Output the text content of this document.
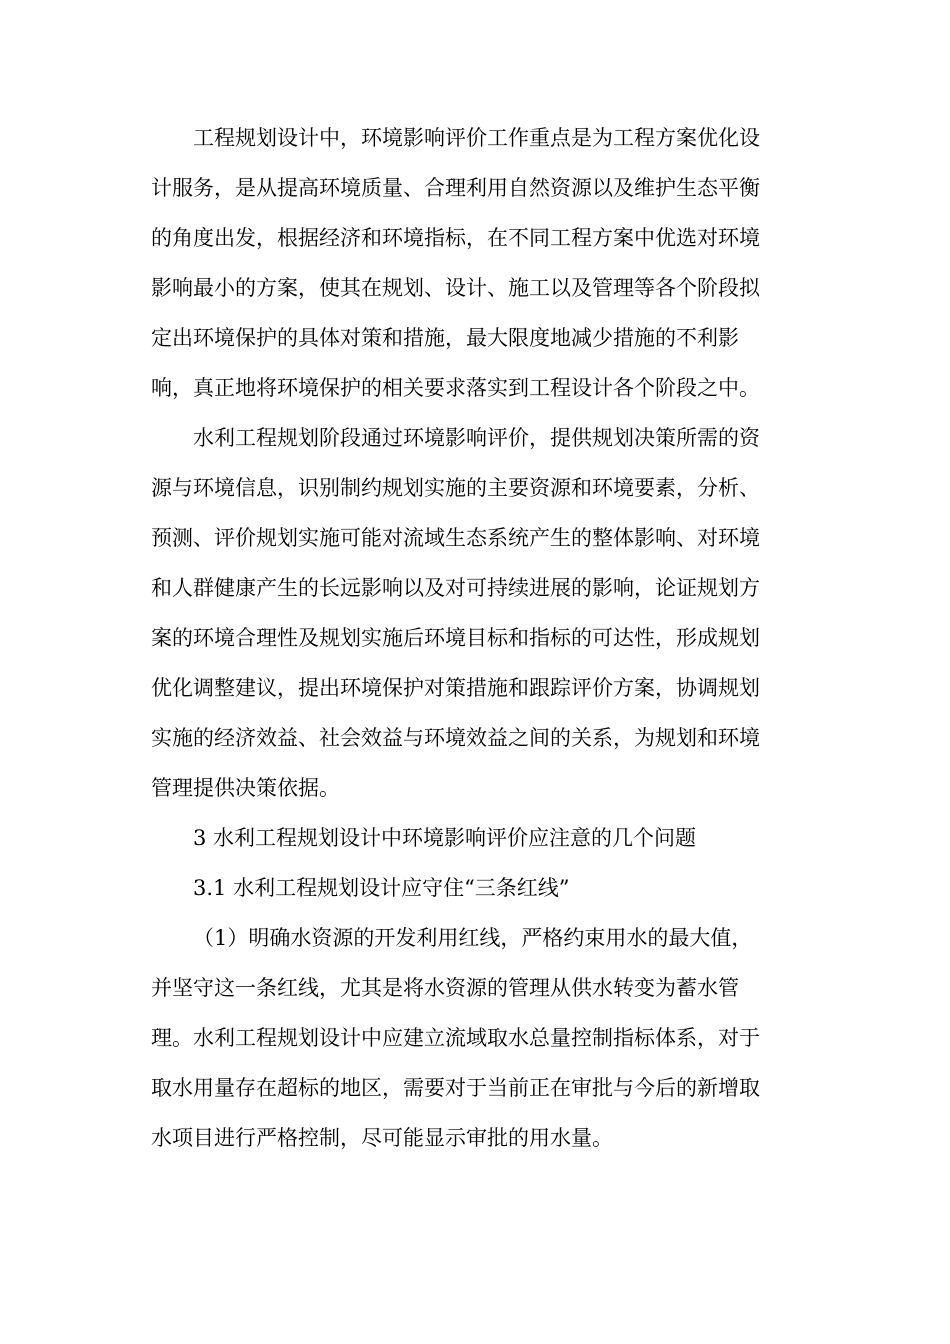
工程规划设计中，环境影响评价工作重点是为工程方案优化设
计服务，是从提高环境质量、合理利用自然资源以及维护生态平衡
的角度出发，根据经济和环境指标，在不同工程方案中优选对环境
影响最小的方案，使其在规划、设计、施工以及管理等各个阶段拟
定出环境保护的具体对策和措施，最大限度地减少措施的不利影
响，真正地将环境保护的相关要求落实到工程设计各个阶段之中。
水利工程规划阶段通过环境影响评价，提供规划决策所需的资
源与环境信息，识别制约规划实施的主要资源和环境要素，分析、
预测、评价规划实施可能对流域生态系统产生的整体影响、对环境
和人群健康产生的长远影响以及对可持续进展的影响，论证规划方
案的环境合理性及规划实施后环境目标和指标的可达性，形成规划
优化调整建议，提出环境保护对策措施和跟踪评价方案，协调规划
实施的经济效益、社会效益与环境效益之间的关系，为规划和环境
管理提供决策依据。
3 水利工程规划设计中环境影响评价应注意的几个问题
3.1 水利工程规划设计应守住“三条红线”
（1）明确水资源的开发利用红线，严格约束用水的最大值，
并坚守这一条红线，尤其是将水资源的管理从供水转变为蓄水管
理。水利工程规划设计中应建立流域取水总量控制指标体系，对于
取水用量存在超标的地区，需要对于当前正在审批与今后的新增取
水项目进行严格控制，尽可能显示审批的用水量。
